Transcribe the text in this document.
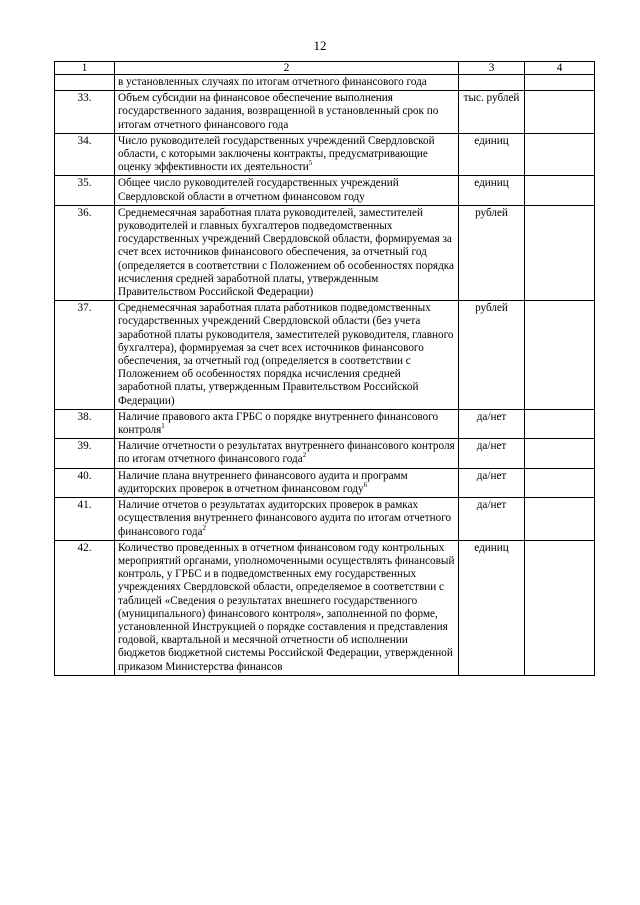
12
1	2	3	4
	в установленных случаях по итогам отчетного финансового года		
33.	Объем субсидии на финансовое обеспечение выполнения государственного задания, возвращенной в установленный срок по итогам отчетного финансового года	тыс. рублей	
34.	Число руководителей государственных учреждений Свердловской области, с которыми заключены контракты, предусматривающие оценку эффективности их деятельности$^5$	единиц	
35.	Общее число руководителей государственных учреждений Свердловской области в отчетном финансовом году	единиц	
36.	Среднемесячная заработная плата руководителей, заместителей руководителей и главных бухгалтеров подведомственных государственных учреждений Свердловской области, формируемая за счет всех источников финансового обеспечения, за отчетный год (определяется в соответствии с Положением об особенностях порядка исчисления средней заработной платы, утвержденным Правительством Российской Федерации)	рублей	
37.	Среднемесячная заработная плата работников подведомственных государственных учреждений Свердловской области (без учета заработной платы руководителя, заместителей руководителя, главного бухгалтера), формируемая за счет всех источников финансового обеспечения, за отчетный год (определяется в соответствии с Положением об особенностях порядка исчисления средней заработной платы, утвержденным Правительством Российской Федерации)	рублей	
38.	Наличие правового акта ГРБС о порядке внутреннего финансового контроля$^1$	да/нет	
39.	Наличие отчетности о результатах внутреннего финансового контроля по итогам отчетного финансового года$^2$	да/нет	
40.	Наличие плана внутреннего финансового аудита и программ аудиторских проверок в отчетном финансовом году$^6$	да/нет	
41.	Наличие отчетов о результатах аудиторских проверок в рамках осуществления внутреннего финансового аудита по итогам отчетного финансового года$^2$	да/нет	
42.	Количество проведенных в отчетном финансовом году контрольных мероприятий органами, уполномоченными осуществлять финансовый контроль, у ГРБС и в подведомственных ему государственных учреждениях Свердловской области, определяемое в соответствии с таблицей «Сведения о результатах внешнего государственного (муниципального) финансового контроля», заполненной по форме, установленной Инструкцией о порядке составления и представления годовой, квартальной и месячной отчетности об исполнении бюджетов бюджетной системы Российской Федерации, утвержденной приказом Министерства финансов	единиц	
